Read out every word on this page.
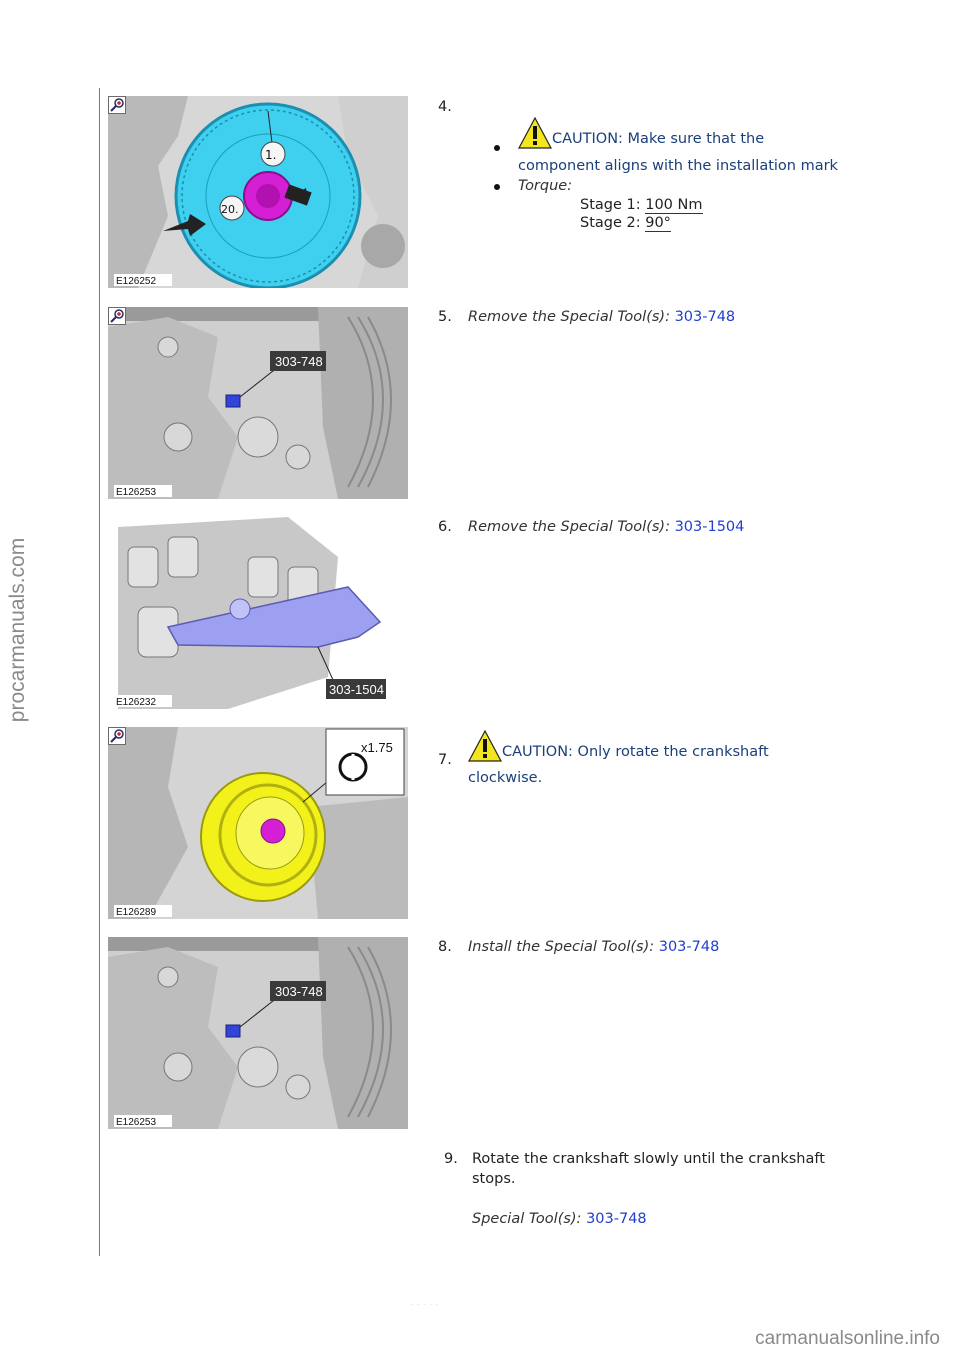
procarmanuals.com
1.
20.
E126252
4.
CAUTION: Make sure that the
component aligns with the installation mark
Torque:
Stage 1: 100 Nm
Stage 2: 90°
303-748
E126253
5. Remove the Special Tool(s): 303-748
303-1504
E126232
6. Remove the Special Tool(s): 303-1504
x1.75
E126289
7.	CAUTION: Only rotate the crankshaft
clockwise.
303-748
E126253
8. Install the Special Tool(s): 303-748
9. Rotate the crankshaft slowly until the crankshaft
stops.
Special Tool(s): 303-748
· · · · ·
carmanualsonline.info
